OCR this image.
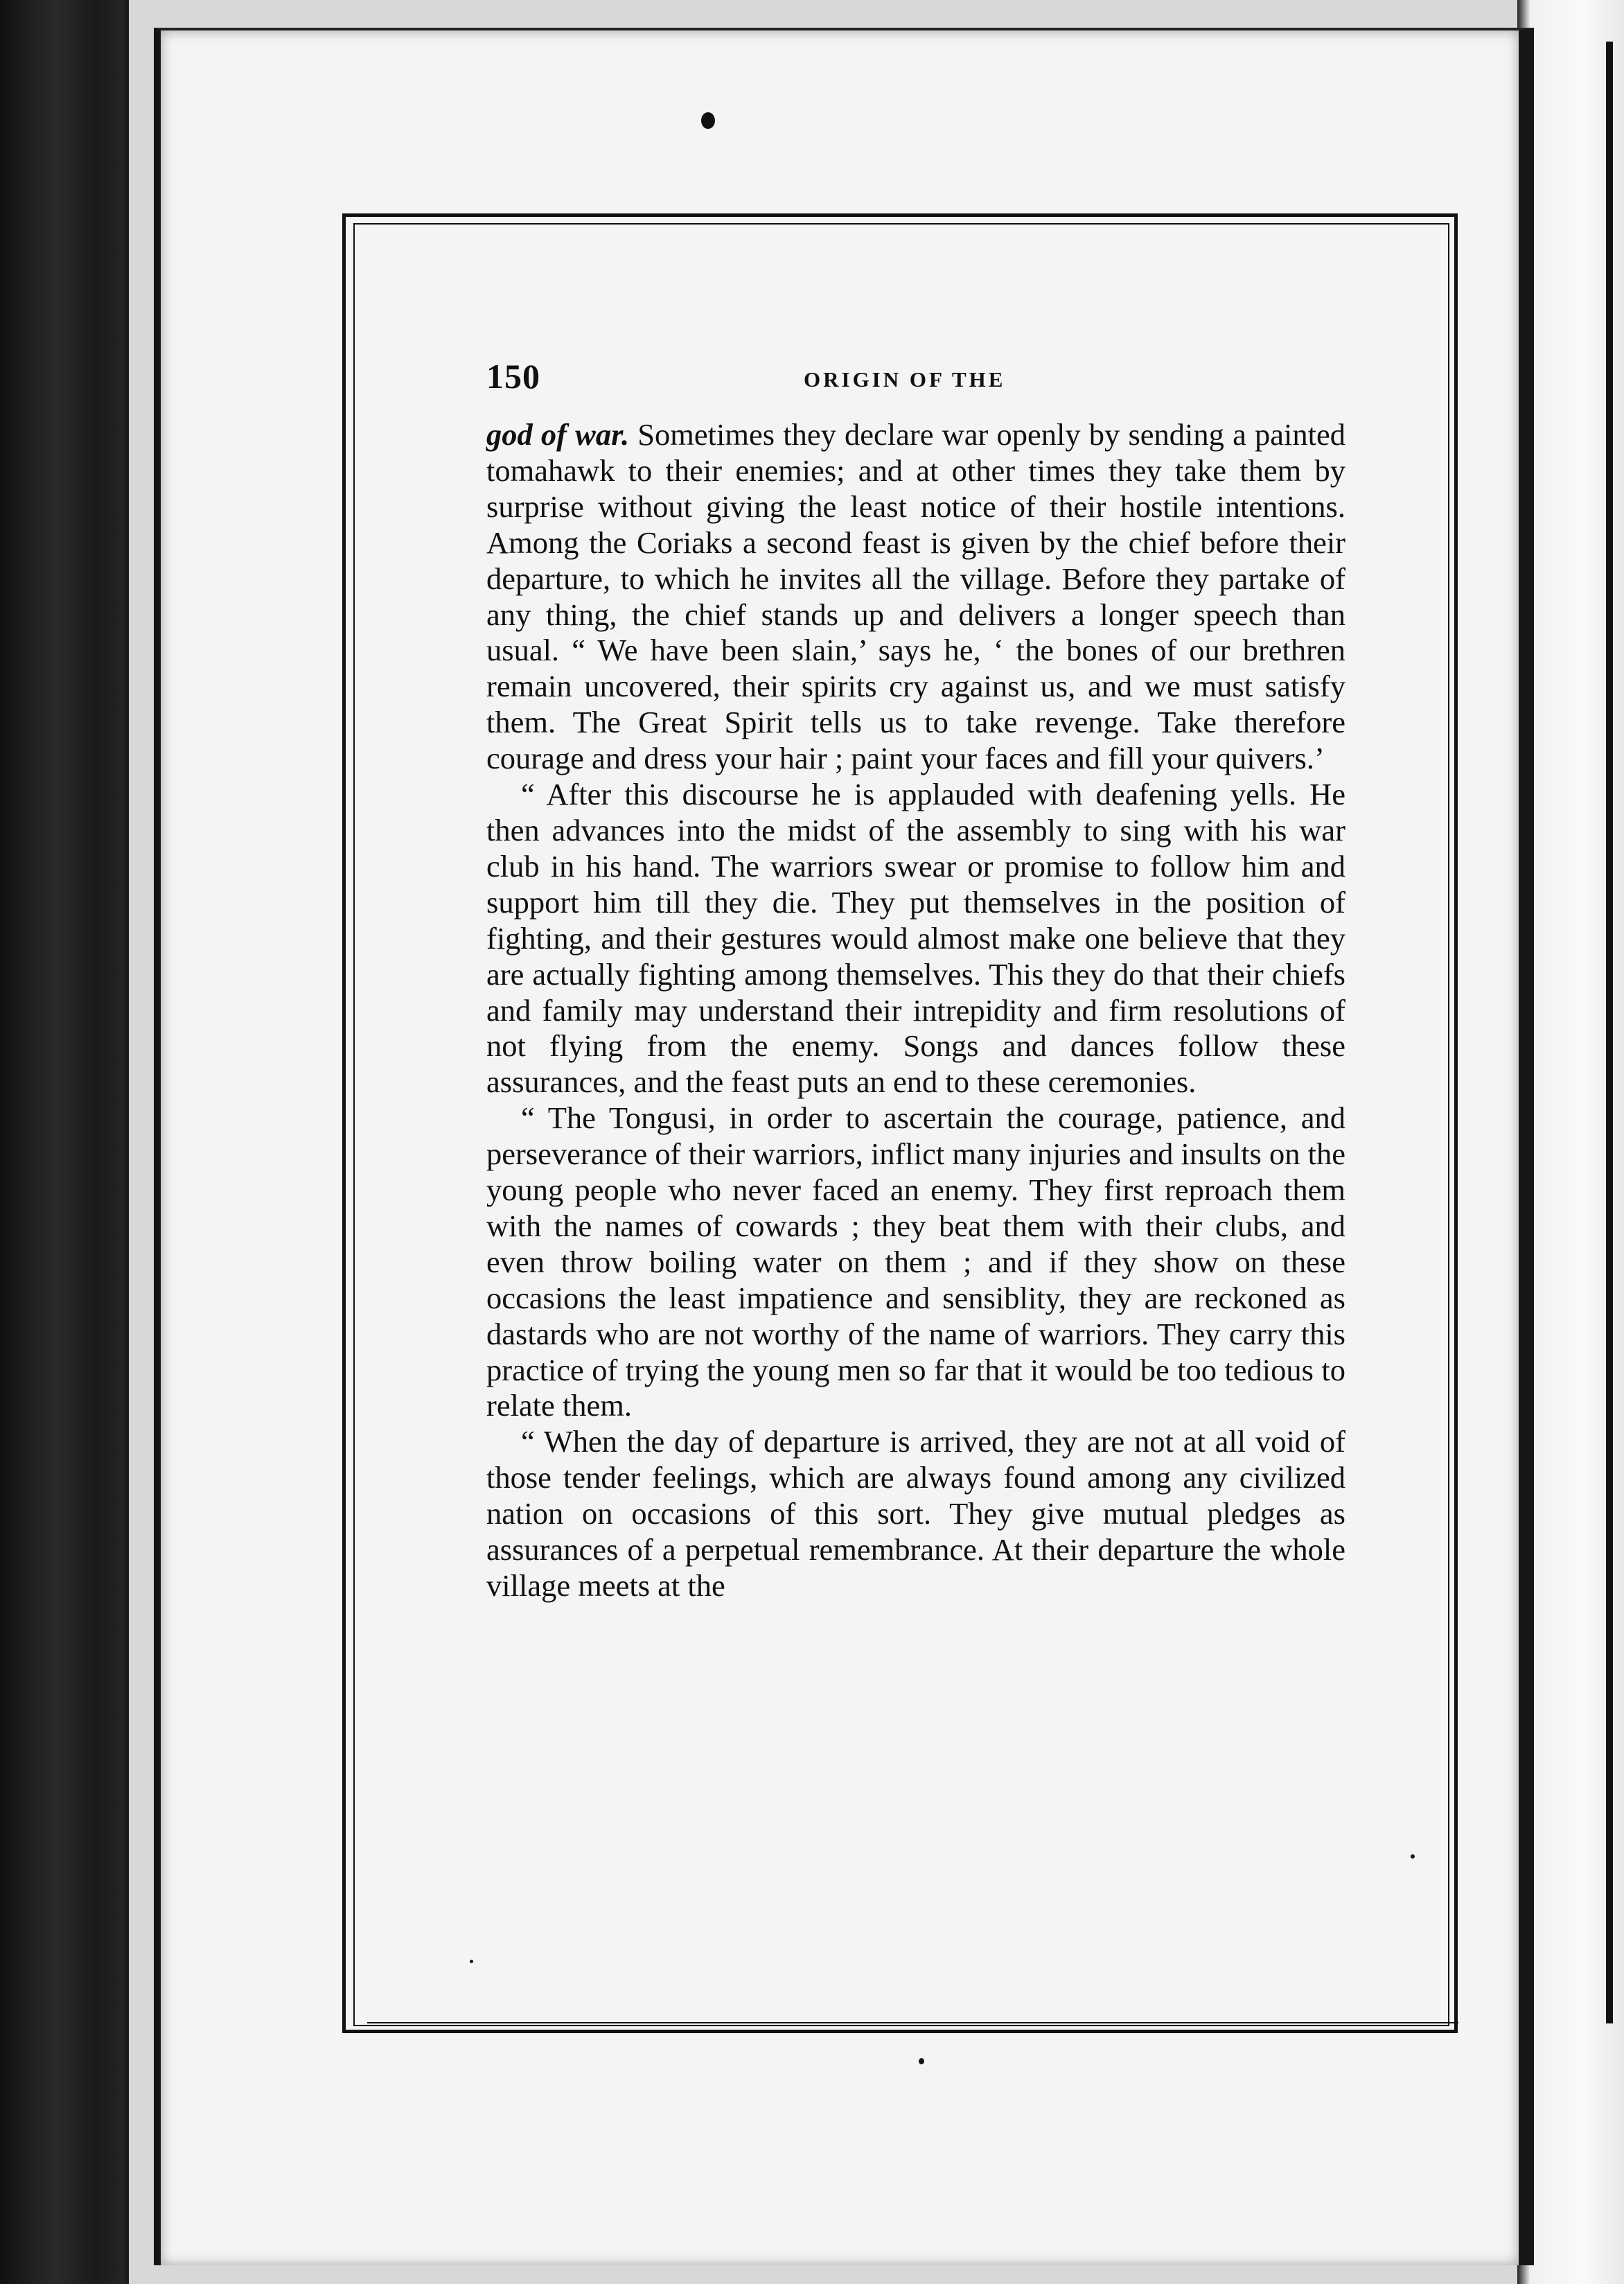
150	ORIGIN OF THE

god of war. Sometimes they declare war openly by sending a painted tomahawk to their enemies; and at other times they take them by surprise without giving the least notice of their hostile intentions. Among the Coriaks a second feast is given by the chief before their departure, to which he invites all the village. Before they partake of any thing, the chief stands up and delivers a longer speech than usual. “ We have been slain,’ says he, ‘ the bones of our brethren remain uncovered, their spirits cry against us, and we must satisfy them. The Great Spirit tells us to take revenge. Take therefore courage and dress your hair ; paint your faces and fill your quivers.’

“ After this discourse he is applauded with deafening yells. He then advances into the midst of the assembly to sing with his war club in his hand. The warriors swear or promise to follow him and support him till they die. They put themselves in the position of fighting, and their gestures would almost make one believe that they are actually fighting among themselves. This they do that their chiefs and family may understand their intrepidity and firm resolutions of not flying from the enemy. Songs and dances follow these assurances, and the feast puts an end to these ceremonies.

“ The Tongusi, in order to ascertain the courage, patience, and perseverance of their warriors, inflict many injuries and insults on the young people who never faced an enemy. They first reproach them with the names of cowards ; they beat them with their clubs, and even throw boiling water on them ; and if they show on these occasions the least impatience and sensiblity, they are reckoned as dastards who are not worthy of the name of warriors. They carry this practice of trying the young men so far that it would be too tedious to relate them.

“ When the day of departure is arrived, they are not at all void of those tender feelings, which are always found among any civilized nation on occasions of this sort. They give mutual pledges as assurances of a perpetual remembrance. At their departure the whole village meets at the
